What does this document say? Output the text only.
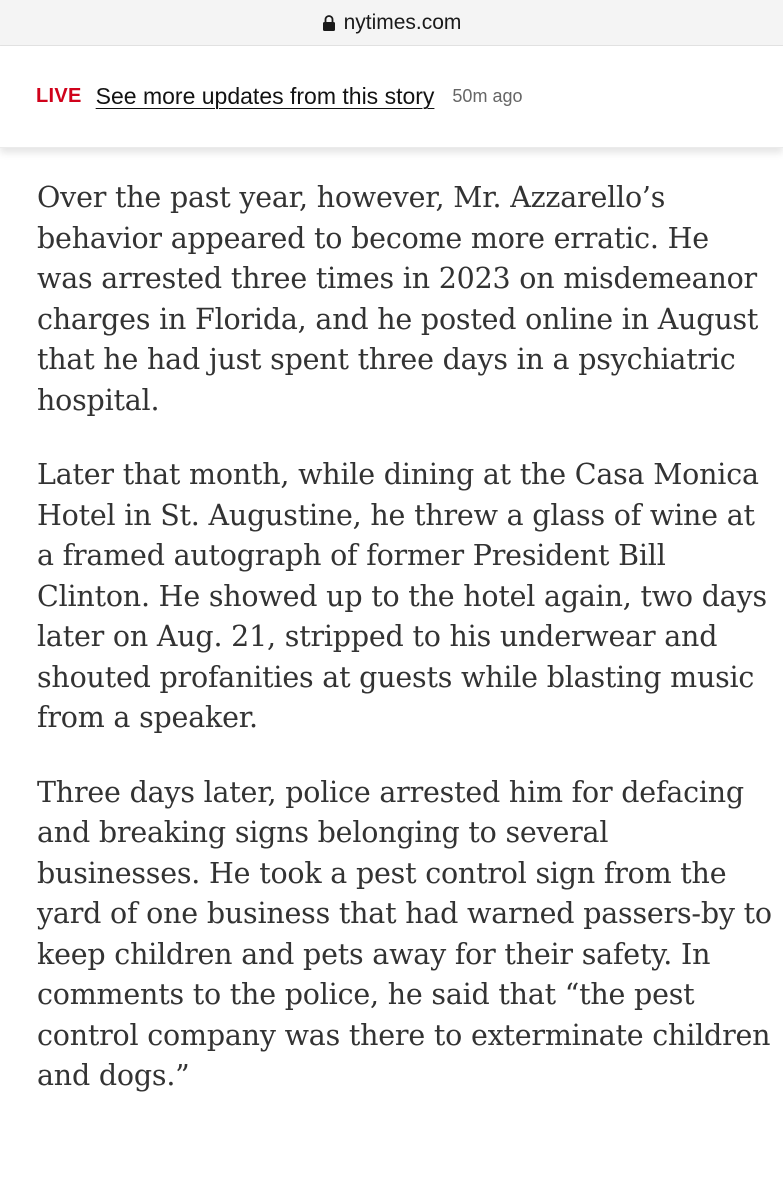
nytimes.com
LIVE See more updates from this story 50m ago

Over the past year, however, Mr. Azzarello’s behavior appeared to become more erratic. He was arrested three times in 2023 on misdemeanor charges in Florida, and he posted online in August that he had just spent three days in a psychiatric hospital.

Later that month, while dining at the Casa Monica Hotel in St. Augustine, he threw a glass of wine at a framed autograph of former President Bill Clinton. He showed up to the hotel again, two days later on Aug. 21, stripped to his underwear and shouted profanities at guests while blasting music from a speaker.

Three days later, police arrested him for defacing and breaking signs belonging to several businesses. He took a pest control sign from the yard of one business that had warned passers-by to keep children and pets away for their safety. In comments to the police, he said that “the pest control company was there to exterminate children and dogs.”
